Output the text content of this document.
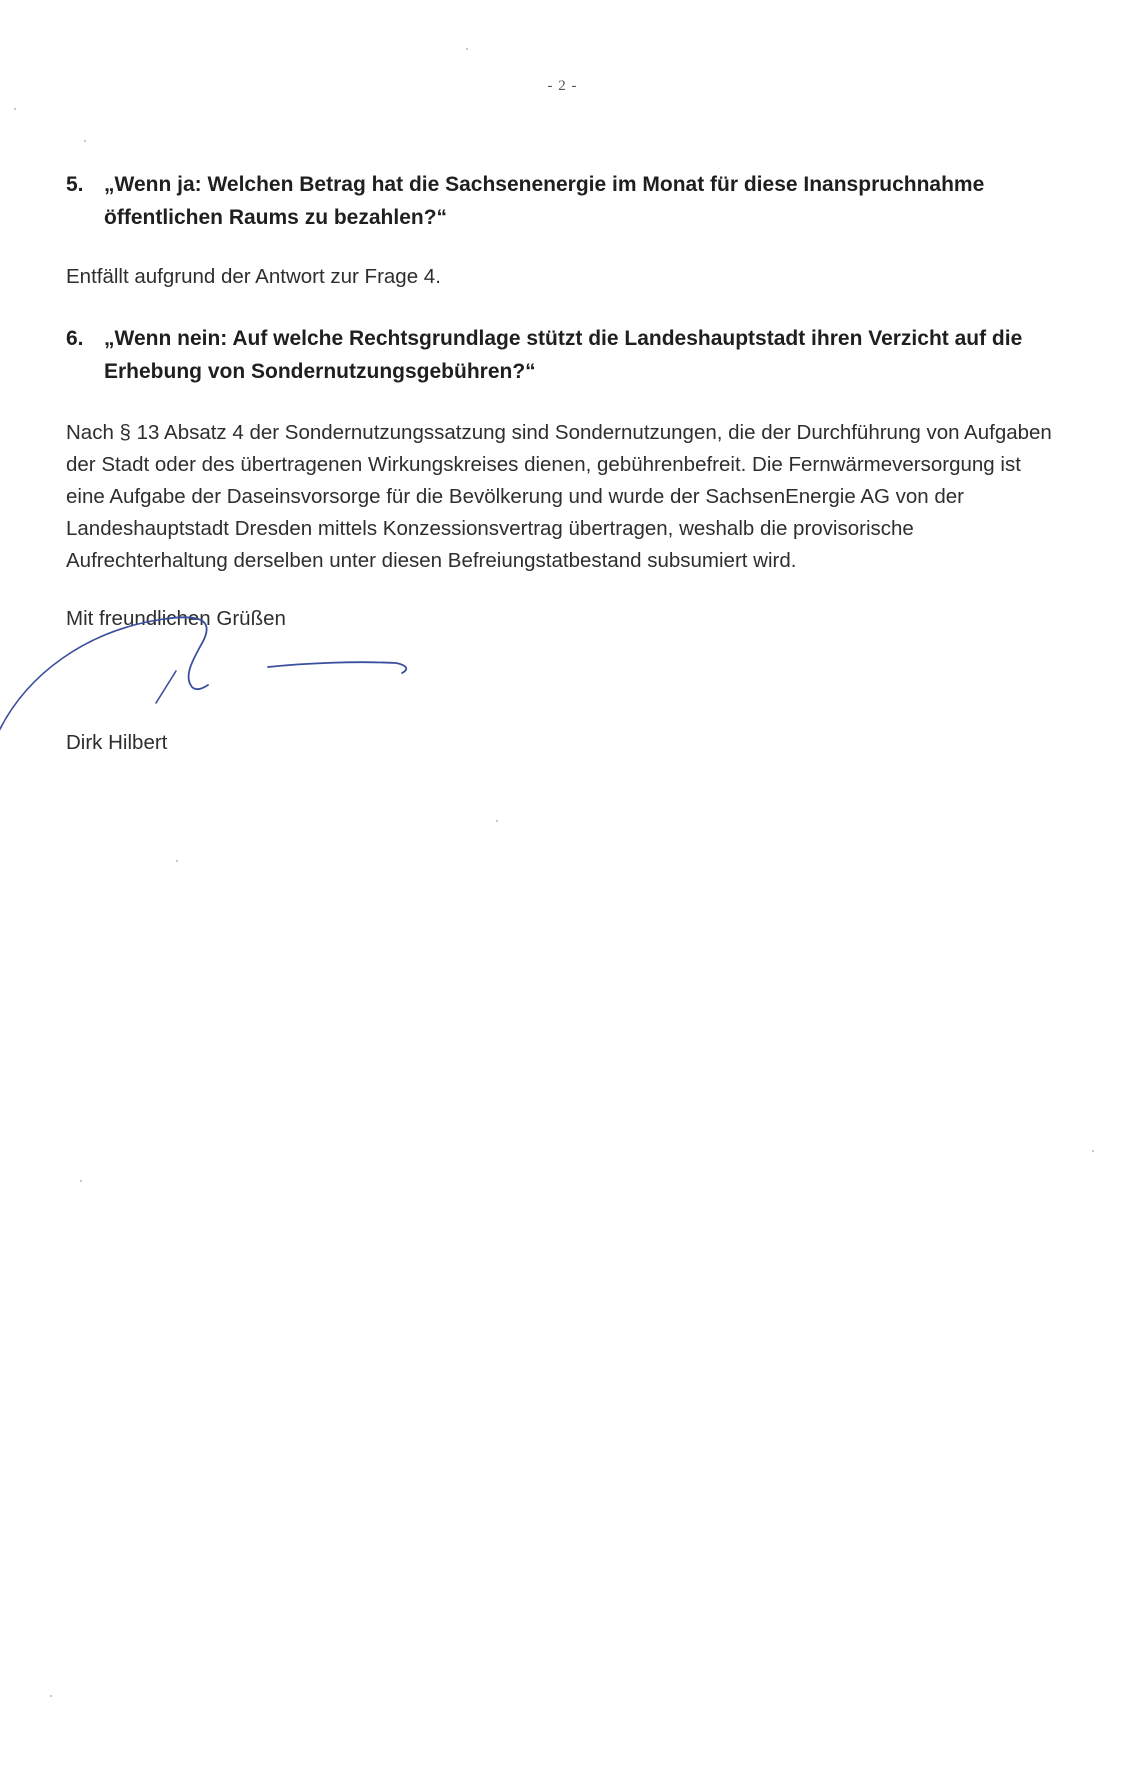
- 2 -
5. „Wenn ja: Welchen Betrag hat die Sachsenenergie im Monat für diese Inanspruchnahme öffentlichen Raums zu bezahlen?“
Entfällt aufgrund der Antwort zur Frage 4.
6. „Wenn nein: Auf welche Rechtsgrundlage stützt die Landeshauptstadt ihren Verzicht auf die Erhebung von Sondernutzungsgebühren?“
Nach § 13 Absatz 4 der Sondernutzungssatzung sind Sondernutzungen, die der Durchführung von Aufgaben der Stadt oder des übertragenen Wirkungskreises dienen, gebührenbefreit. Die Fernwärmeversorgung ist eine Aufgabe der Daseinsvorsorge für die Bevölkerung und wurde der SachsenEnergie AG von der Landeshauptstadt Dresden mittels Konzessionsvertrag übertragen, weshalb die provisorische Aufrechterhaltung derselben unter diesen Befreiungstatbestand subsumiert wird.
Mit freundlichen Grüßen
Dirk Hilbert
